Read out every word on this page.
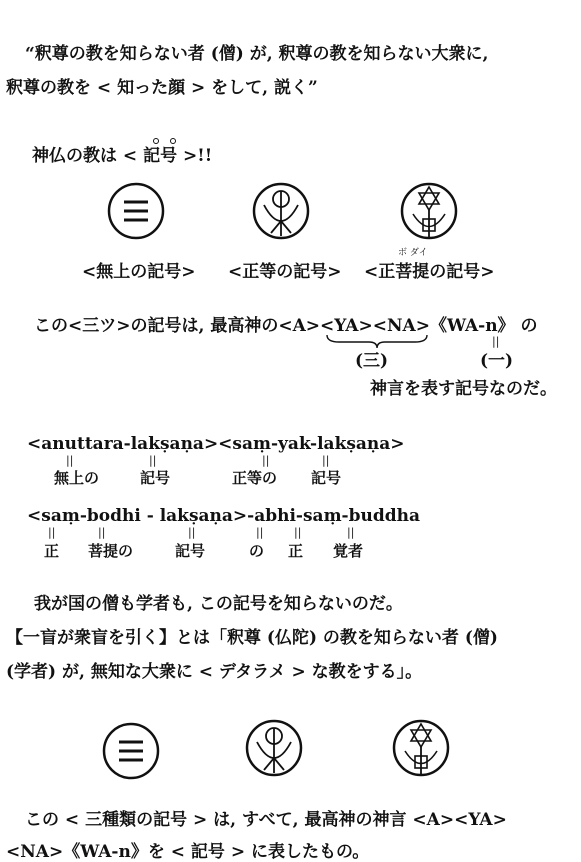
“釈尊の教を知らない者 (僧) が, 釈尊の教を知らない大衆に,
釈尊の教を < 知った顔 > をして, 説く”
神仏の教は < 記号 >!!
<無上の記号> <正等の記号> <正菩提の記号>
ボ ダイ
この<三ツ>の記号は, 最高神の<A><YA><NA>《WA-n》 の
||
(三)	(一)
神言を表す記号なのだ。
<anuttara-lakṣaṇa><saṃ-yak-lakṣaṇa>
||	||	||	||
無上の	記号	正等の 記号
<saṃ-bodhi - lakṣaṇa>-abhi-saṃ-buddha
||	||	||	||	||	||
正 菩提の	記号	の 正 覚者
我が国の僧も学者も, この記号を知らないのだ。
【一盲が衆盲を引く】とは「釈尊 (仏陀) の教を知らない者 (僧)
(学者) が, 無知な大衆に < デタラメ > な教をする」。
この < 三種類の記号 > は, すべて, 最高神の神言 <A><YA>
<NA>《WA-n》を < 記号 > に表したもの。
